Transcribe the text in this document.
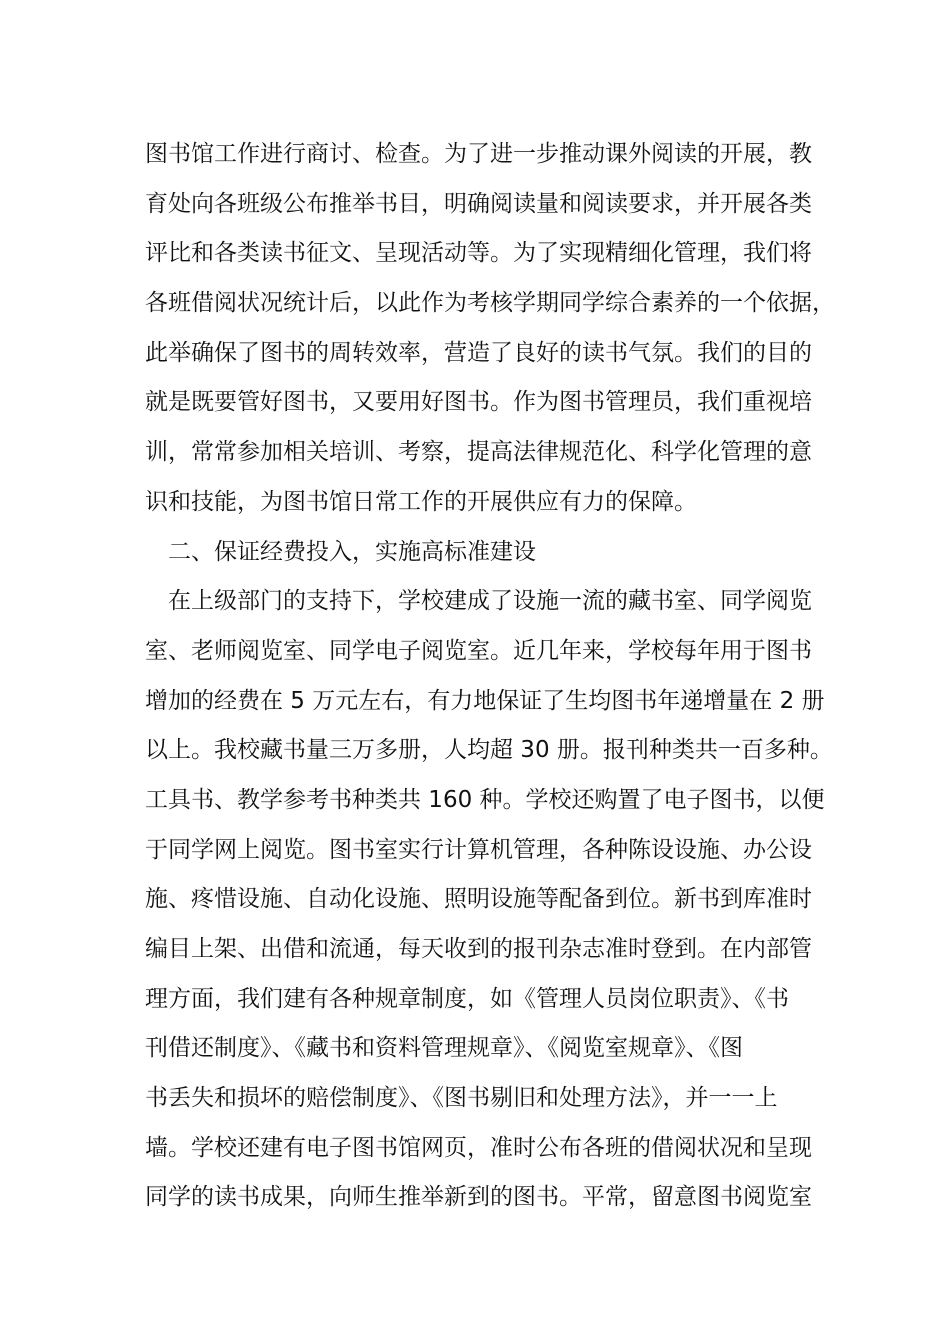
图书馆工作进行商讨、检查。为了进一步推动课外阅读的开展，教
育处向各班级公布推举书目，明确阅读量和阅读要求，并开展各类
评比和各类读书征文、呈现活动等。为了实现精细化管理，我们将
各班借阅状况统计后，以此作为考核学期同学综合素养的一个依据，
此举确保了图书的周转效率，营造了良好的读书气氛。我们的目的
就是既要管好图书，又要用好图书。作为图书管理员，我们重视培
训，常常参加相关培训、考察，提高法律规范化、科学化管理的意
识和技能，为图书馆日常工作的开展供应有力的保障。
二、保证经费投入，实施高标准建设
在上级部门的支持下，学校建成了设施一流的藏书室、同学阅览
室、老师阅览室、同学电子阅览室。近几年来，学校每年用于图书
增加的经费在 5 万元左右，有力地保证了生均图书年递增量在 2 册
以上。我校藏书量三万多册，人均超 30 册。报刊种类共一百多种。
工具书、教学参考书种类共 160 种。学校还购置了电子图书，以便
于同学网上阅览。图书室实行计算机管理，各种陈设设施、办公设
施、疼惜设施、自动化设施、照明设施等配备到位。新书到库准时
编目上架、出借和流通，每天收到的报刊杂志准时登到。在内部管
理方面，我们建有各种规章制度，如《管理人员岗位职责》、《书
刊借还制度》、《藏书和资料管理规章》、《阅览室规章》、《图
书丢失和损坏的赔偿制度》、《图书剔旧和处理方法》，并一一上
墙。学校还建有电子图书馆网页，准时公布各班的借阅状况和呈现
同学的读书成果，向师生推举新到的图书。平常，留意图书阅览室
